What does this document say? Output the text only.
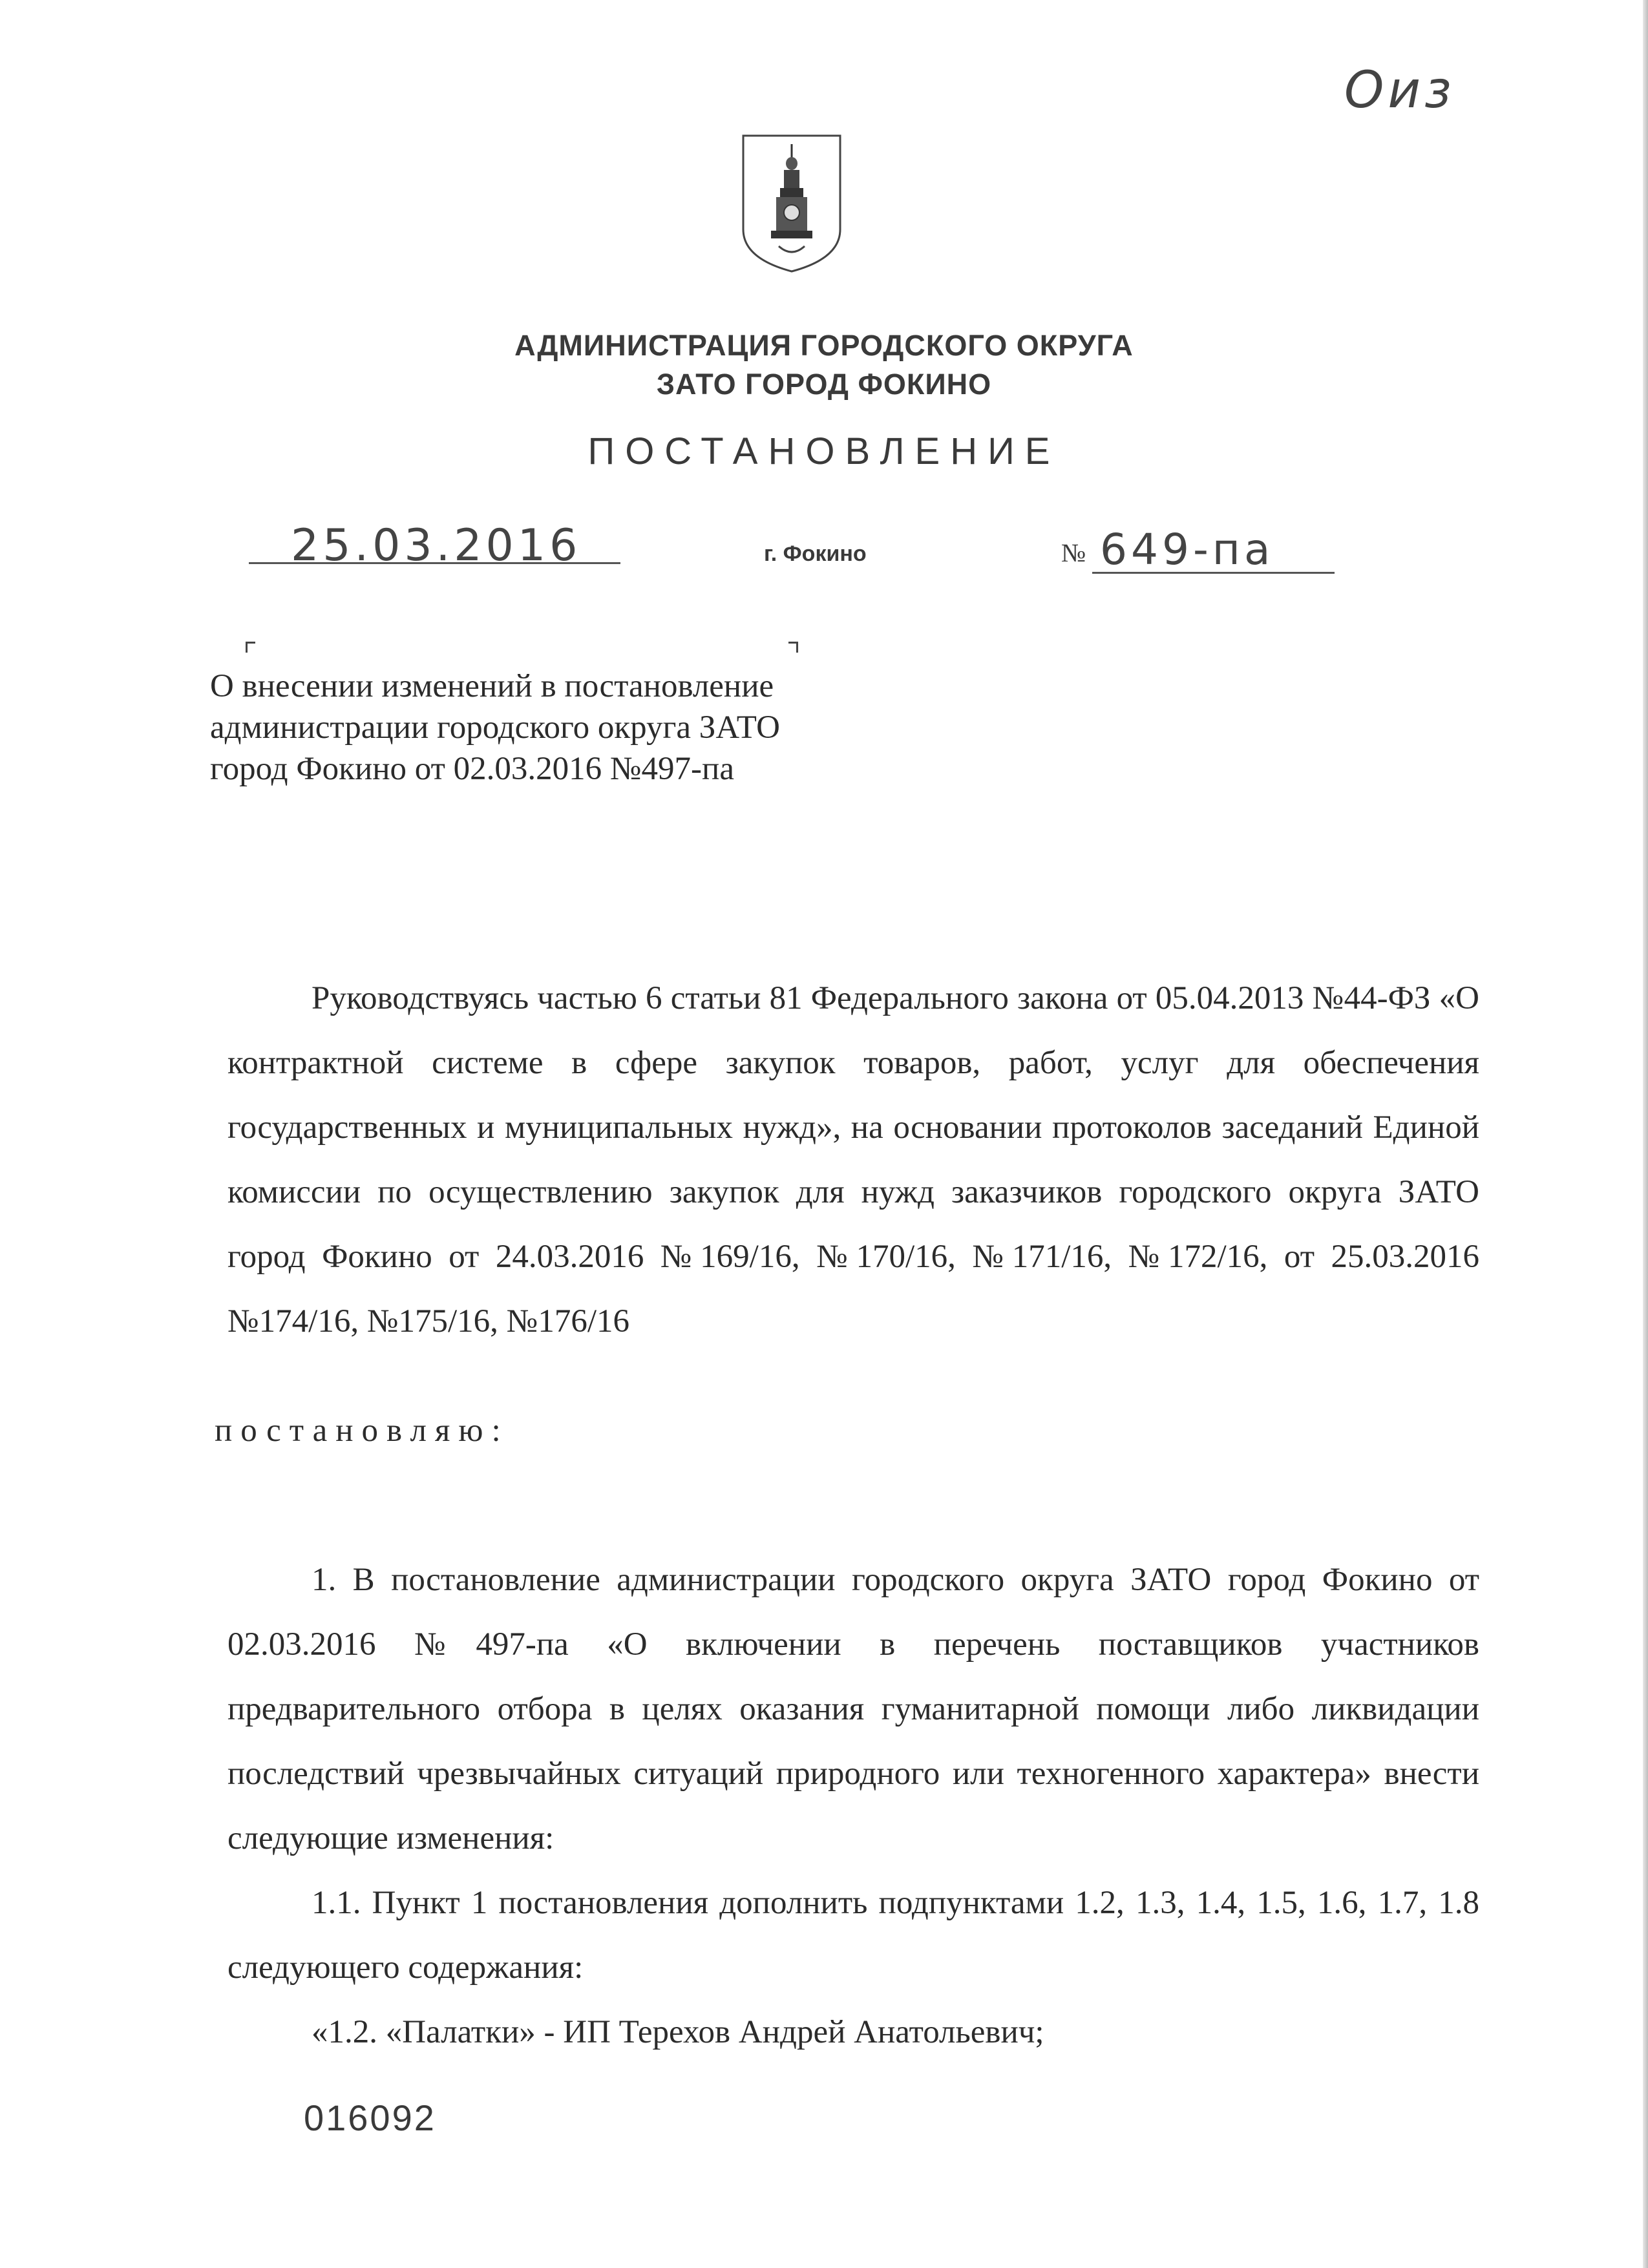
Оиз
АДМИНИСТРАЦИЯ ГОРОДСКОГО ОКРУГА
ЗАТО ГОРОД ФОКИНО
ПОСТАНОВЛЕНИЕ
25.03.2016	г. Фокино	№ 649-па
О внесении изменений в постановление
администрации городского округа ЗАТО
город Фокино от 02.03.2016 №497-па
Руководствуясь частью 6 статьи 81 Федерального закона от 05.04.2013 №44-ФЗ «О контрактной системе в сфере закупок товаров, работ, услуг для обеспечения государственных и муниципальных нужд», на основании протоколов заседаний Единой комиссии по осуществлению закупок для нужд заказчиков городского округа ЗАТО город Фокино от 24.03.2016 №169/16, №170/16, №171/16, №172/16, от 25.03.2016 №174/16, №175/16, №176/16
постановляю:

1. В постановление администрации городского округа ЗАТО город Фокино от 02.03.2016 №497-па «О включении в перечень поставщиков участников предварительного отбора в целях оказания гуманитарной помощи либо ликвидации последствий чрезвычайных ситуаций природного или техногенного характера» внести следующие изменения:

1.1. Пункт 1 постановления дополнить подпунктами 1.2, 1.3, 1.4, 1.5, 1.6, 1.7, 1.8 следующего содержания:

«1.2. «Палатки» - ИП Терехов Андрей Анатольевич;

016092
